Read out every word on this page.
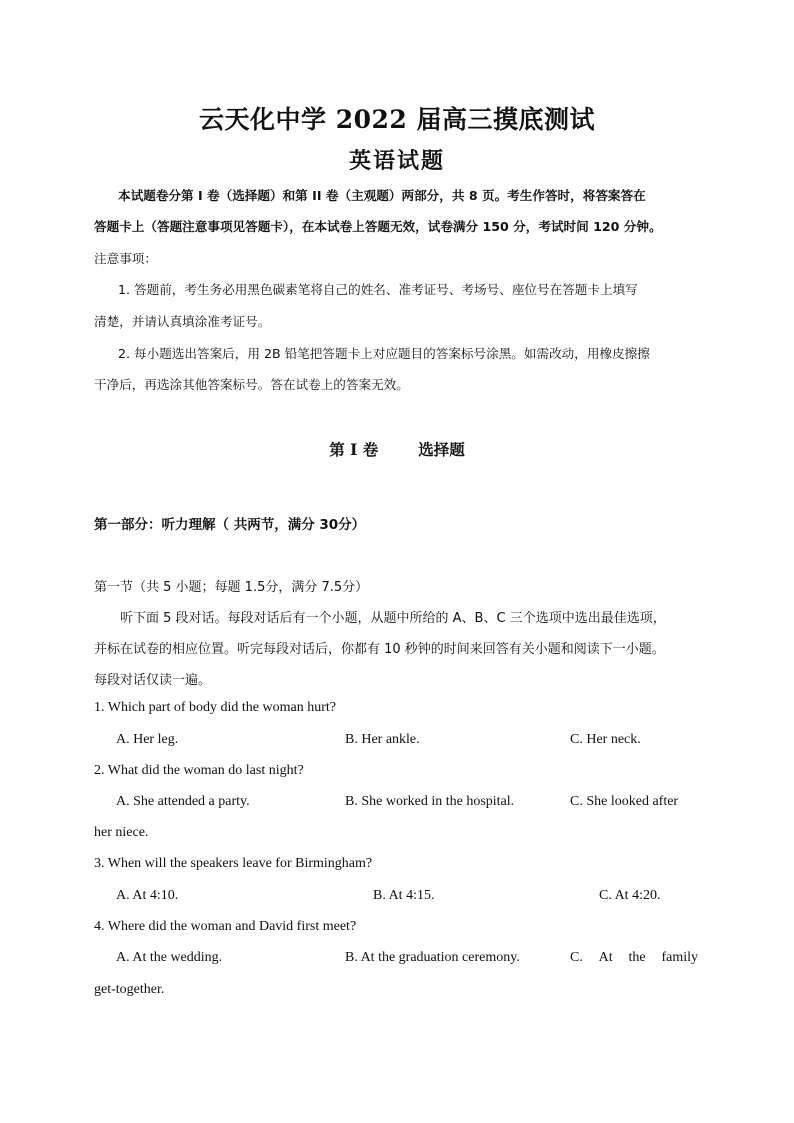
云天化中学 2022 届高三摸底测试
英语试题
本试题卷分第 I 卷（选择题）和第 II 卷（主观题）两部分，共 8 页。考生作答时，将答案答在
答题卡上（答题注意事项见答题卡），在本试卷上答题无效，试卷满分 150 分，考试时间 120 分钟。
注意事项：
1. 答题前，考生务必用黑色碳素笔将自己的姓名、准考证号、考场号、座位号在答题卡上填写
清楚，并请认真填涂准考证号。
2. 每小题选出答案后，用 2B 铅笔把答题卡上对应题目的答案标号涂黑。如需改动，用橡皮擦擦
干净后，再选涂其他答案标号。答在试卷上的答案无效。
第 I 卷	选择题
第一部分：听力理解（ 共两节，满分 30分）
第一节（共 5 小题；每题 1.5分，满分 7.5分）
听下面 5 段对话。每段对话后有一个小题，从题中所给的 A、B、C 三个选项中选出最佳选项，
并标在试卷的相应位置。听完每段对话后，你都有 10 秒钟的时间来回答有关小题和阅读下一小题。
每段对话仅读一遍。
1. Which part of body did the woman hurt?
A. Her leg.	B. Her ankle.	C. Her neck.
2. What did the woman do last night?
A. She attended a party.	B. She worked in the hospital.	C. She looked after
her niece.
3. When will the speakers leave for Birmingham?
A. At 4:10.	B. At 4:15.	C. At 4:20.
4. Where did the woman and David first meet?
A. At the wedding.	B. At the graduation ceremony.	C. At the family
get-together.
